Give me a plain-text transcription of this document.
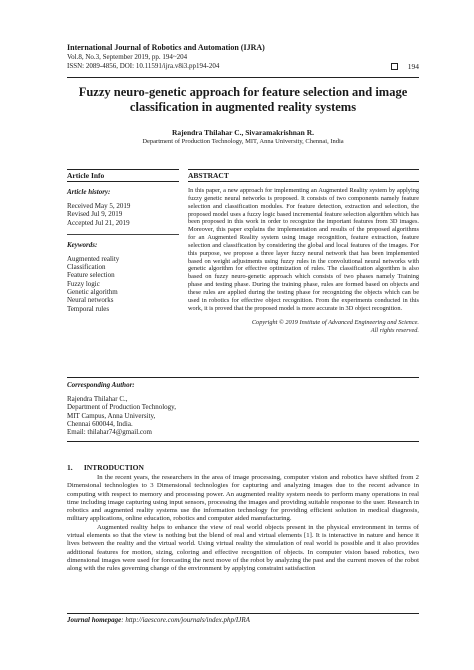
International Journal of Robotics and Automation (IJRA)
Vol.8, No.3, September 2019, pp. 194~204
ISSN: 2089-4856, DOI: 10.11591/ijra.v8i3.pp194-204	194
Fuzzy neuro-genetic approach for feature selection and image classification in augmented reality systems
Rajendra Thilahar C., Sivaramakrishnan R.
Department of Production Technology, MIT, Anna University, Chennai, India
Article Info
Article history:
Received May 5, 2019
Revised Jul 9, 2019
Accepted Jul 21, 2019
Keywords:
Augmented reality
Classification
Feature selection
Fuzzy logic
Genetic algorithm
Neural networks
Temporal rules
ABSTRACT
In this paper, a new approach for implementing an Augmented Reality system by applying fuzzy genetic neural networks is proposed. It consists of two components namely feature selection and classification modules. For feature detection, extraction and selection, the proposed model uses a fuzzy logic based incremental feature selection algorithm which has been proposed in this work in order to recognize the important features from 3D images. Moreover, this paper explains the implementation and results of the proposed algorithms for an Augmented Reality system using image recognition, feature extraction, feature selection and classification by considering the global and local features of the images. For this purpose, we propose a three layer fuzzy neural network that has been implemented based on weight adjustments using fuzzy rules in the convolutional neural networks with genetic algorithm for effective optimization of rules. The classification algorithm is also based on fuzzy neuro-genetic approach which consists of two phases namely Training phase and testing phase. During the training phase, rules are formed based on objects and these rules are applied during the testing phase for recognizing the objects which can be used in robotics for effective object recognition. From the experiments conducted in this work, it is proved that the proposed model is more accurate in 3D object recognition.
Copyright © 2019 Institute of Advanced Engineering and Science.
All rights reserved.
Corresponding Author:
Rajendra Thilahar C.,
Department of Production Technology,
MIT Campus, Anna University,
Chennai 600044, India.
Email: thilahar74@gmail.com
1.      INTRODUCTION

In the recent years, the researchers in the area of image processing, computer vision and robotics have shifted from 2 Dimensional technologies to 3 Dimensional technologies for capturing and analyzing images due to the recent advance in computing with respect to memory and processing power. An augmented reality system needs to perform many operations in real time including image capturing using input sensors, processing the images and providing suitable response to the user. Research in robotics and augmented reality systems use the information technology for providing efficient solution in medical diagnosis, military applications, online education, robotics and computer aided manufacturing.

Augmented reality helps to enhance the view of real world objects present in the physical environment in terms of virtual elements so that the view is nothing but the blend of real and virtual elements [1]. It is interactive in nature and hence it lives between the reality and the virtual world. Using virtual reality the simulation of real world is possible and it also provides additional features for motion, sizing, coloring and effective recognition of objects. In computer vision based robotics, two dimensional images were used for forecasting the next move of the robot by analyzing the past and the current moves of the robot along with the rules governing change of the environment by applying constraint satisfaction

Journal homepage: http://iaescore.com/journals/index.php/IJRA
